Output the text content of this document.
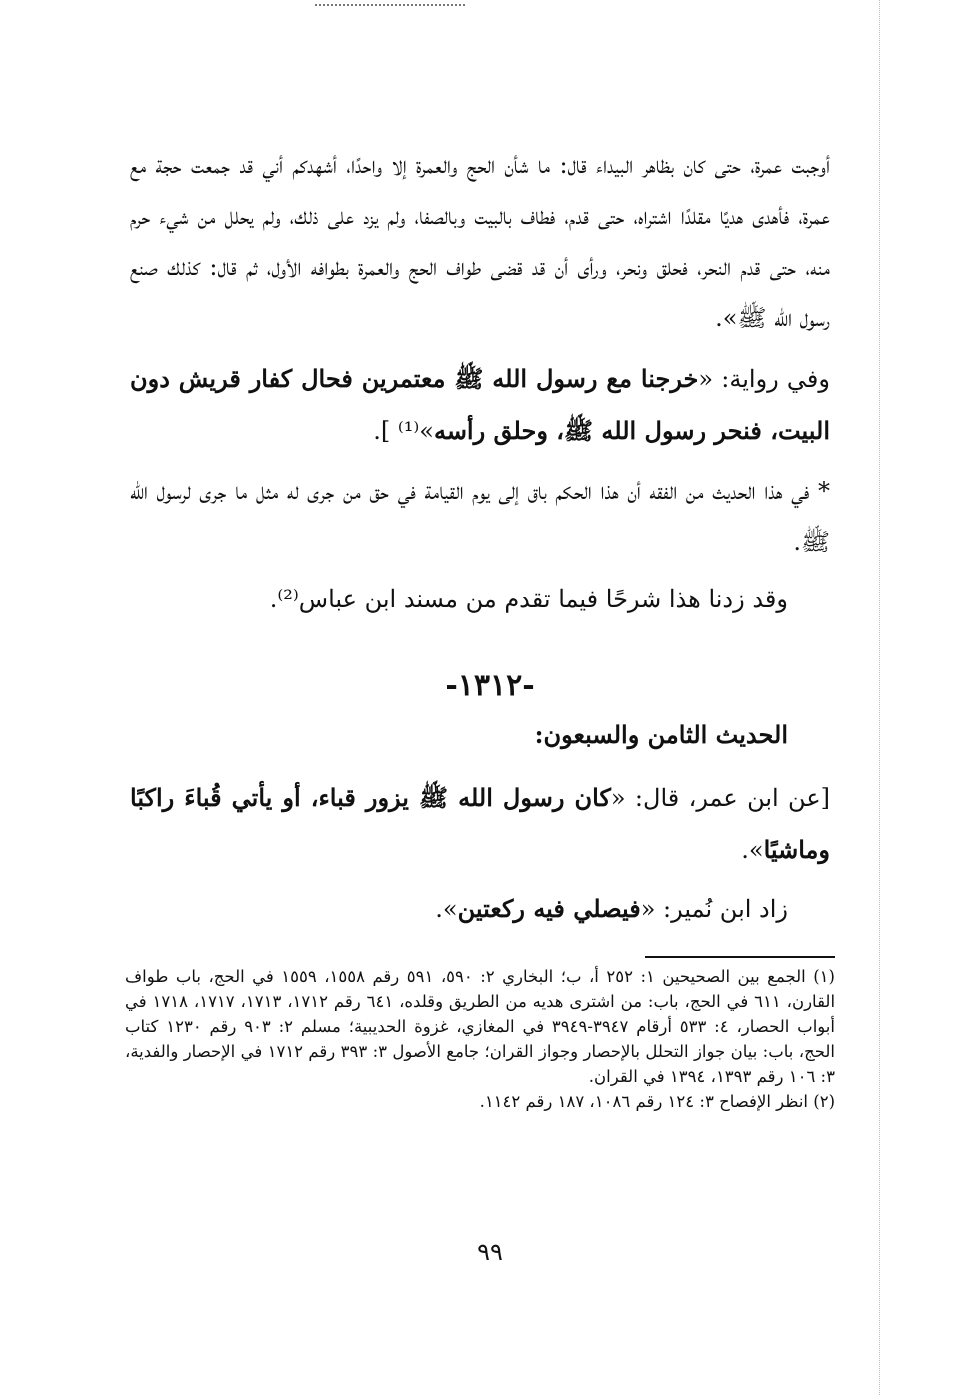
أوجبت عمرة، حتى كان بظاهر البيداء قال: ما شأن الحج والعمرة إلا واحدًا، أشهدكم أني قد جمعت حجة مع عمرة، فأهدى هديًا مقلدًا اشتراه، حتى قدم، فطاف بالبيت وبالصفا، ولم يزد على ذلك، ولم يحلل من شيء حرم منه، حتى قدم النحر، فحلق ونحر، ورأى أن قد قضى طواف الحج والعمرة بطوافه الأول، ثم قال: كذلك صنع رسول الله ﷺ».

وفي رواية: «خرجنا مع رسول الله ﷺ معتمرين فحال كفار قريش دون البيت، فنحر رسول الله ﷺ، وحلق رأسه»⁽¹⁾ ].

* في هذا الحديث من الفقه أن هذا الحكم باق إلى يوم القيامة في حق من جرى له مثل ما جرى لرسول الله ﷺ.

وقد زدنا هذا شرحًا فيما تقدم من مسند ابن عباس⁽²⁾.

-١٣١٢-
الحديث الثامن والسبعون:

[عن ابن عمر، قال: «كان رسول الله ﷺ يزور قباء، أو يأتي قُباءَ راكبًا وماشيًا».

زاد ابن نُمير: «فيصلي فيه ركعتين».

(١) الجمع بين الصحيحين ١: ٢٥٢ أ، ب؛ البخاري ٢: ٥٩٠، ٥٩١ رقم ١٥٥٨، ١٥٥٩ في الحج، باب طواف القارن، ٦١١ في الحج، باب: من اشترى هديه من الطريق وقلده، ٦٤١ رقم ١٧١٢، ١٧١٣، ١٧١٧، ١٧١٨ في أبواب الحصار، ٤: ٥٣٣ أرقام ٣٩٤٧-٣٩٤٩ في المغازي، غزوة الحديبية؛ مسلم ٢: ٩٠٣ رقم ١٢٣٠ كتاب الحج، باب: بيان جواز التحلل بالإحصار وجواز القران؛ جامع الأصول ٣: ٣٩٣ رقم ١٧١٢ في الإحصار والفدية، ٣: ١٠٦ رقم ١٣٩٣، ١٣٩٤ في القران.

(٢) انظر الإفصاح ٣: ١٢٤ رقم ١٠٨٦، ١٨٧ رقم ١١٤٢.

٩٩
